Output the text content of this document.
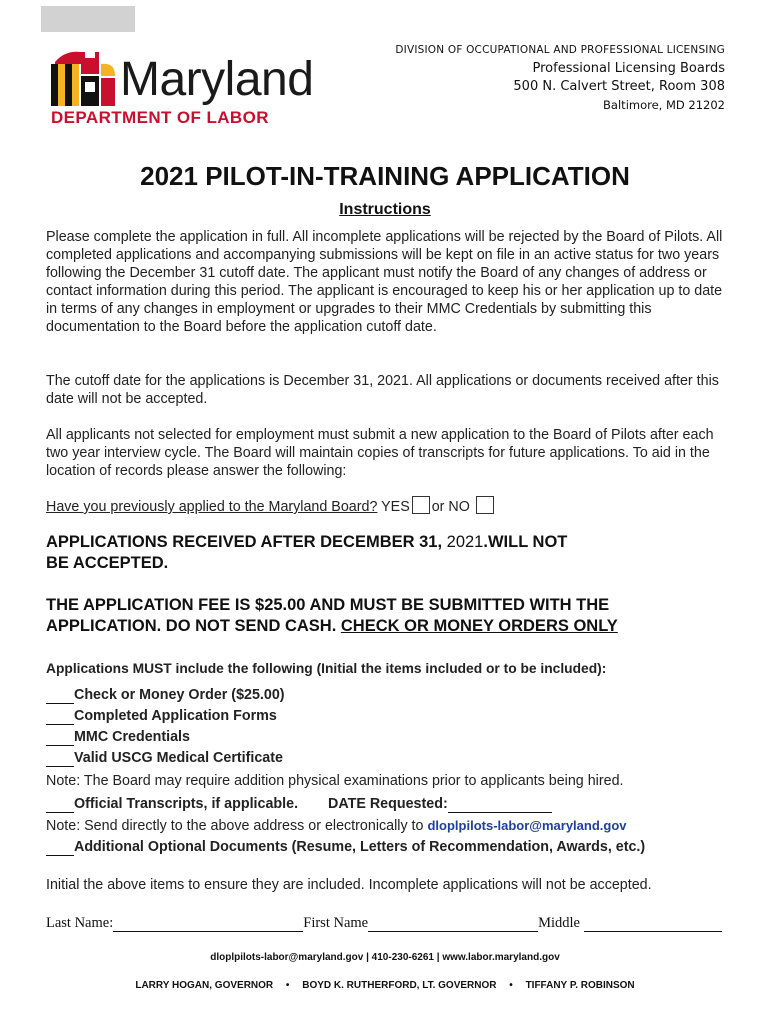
Maryland
DEPARTMENT OF LABOR
DIVISION OF OCCUPATIONAL AND PROFESSIONAL LICENSING
Professional Licensing Boards
500 N. Calvert Street, Room 308
Baltimore, MD 21202
2021 PILOT-IN-TRAINING APPLICATION
Instructions
Please complete the application in full. All incomplete applications will be rejected by the Board of Pilots. All completed applications and accompanying submissions will be kept on file in an active status for two years following the December 31 cutoff date. The applicant must notify the Board of any changes of address or contact information during this period. The applicant is encouraged to keep his or her application up to date in terms of any changes in employment or upgrades to their MMC Credentials by submitting this documentation to the Board before the application cutoff date.
The cutoff date for the applications is December 31, 2021. All applications or documents received after this date will not be accepted.
All applicants not selected for employment must submit a new application to the Board of Pilots after each two year interview cycle. The Board will maintain copies of transcripts for future applications. To aid in the location of records please answer the following:
Have you previously applied to the Maryland Board? YES or NO
APPLICATIONS RECEIVED AFTER DECEMBER 31, 2021.WILL NOT
BE ACCEPTED.
THE APPLICATION FEE IS $25.00 AND MUST BE SUBMITTED WITH THE
APPLICATION. DO NOT SEND CASH. CHECK OR MONEY ORDERS ONLY
Applications MUST include the following (Initial the items included or to be included):
Check or Money Order ($25.00)
Completed Application Forms
MMC Credentials
Valid USCG Medical Certificate
Note: The Board may require addition physical examinations prior to applicants being hired.
Official Transcripts, if applicable. DATE Requested:
Note: Send directly to the above address or electronically to dloplpilots-labor@maryland.gov
Additional Optional Documents (Resume, Letters of Recommendation, Awards, etc.)
Initial the above items to ensure they are included. Incomplete applications will not be accepted.
Last Name:	First Name	Middle
dloplpilots-labor@maryland.gov | 410-230-6261 | www.labor.maryland.gov
LARRY HOGAN, GOVERNOR • BOYD K. RUTHERFORD, LT. GOVERNOR • TIFFANY P. ROBINSON
